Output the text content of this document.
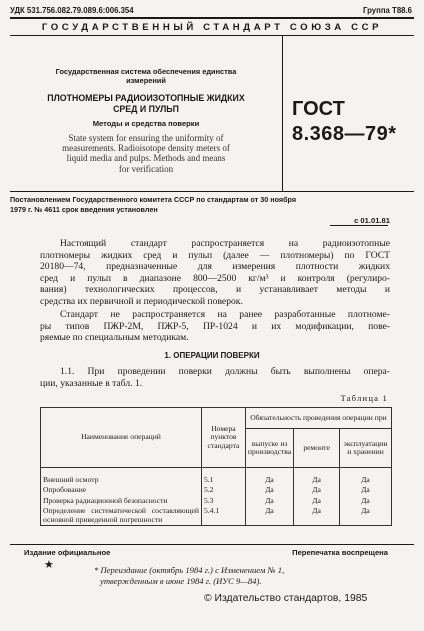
УДК 531.756.082.79.089.6:006.354	Группа Т88.6
ГОСУДАРСТВЕННЫЙ СТАНДАРТ СОЮЗА ССР
Государственная система обеспечения единства
измерений
ПЛОТНОМЕРЫ РАДИОИЗОТОПНЫЕ ЖИДКИХ
СРЕД И ПУЛЬП
Методы и средства поверки
State system for ensuring the uniformity of
measurements. Radioisotope density meters of
liquid media and pulps. Methods and means
for verification
ГОСТ
8.368—79*
Постановлением Государственного комитета СССР по стандартам от 30 ноября
1979 г. № 4611 срок введения установлен
с 01.01.81
Настоящий стандарт распространяется на радиоизотопные
плотномеры жидких сред и пульп (далее — плотномеры) по ГОСТ
20180—74, предназначенные для измерения плотности жидких
сред и пульп в диапазоне 800—2500 кг/м³ и контроля (регулиро-
вания) технологических процессов, и устанавливает методы и
средства их первичной и периодической поверок.
Стандарт не распространяется на ранее разработанные плотноме-
ры типов ПЖР-2М, ПЖР-5, ПР-1024 и их модификации, пове-
ряемые по специальным методикам.
1. ОПЕРАЦИИ ПОВЕРКИ
1.1. При проведении поверки должны быть выполнены опера-
ции, указанные в табл. 1.
Таблица 1
Наименование операций	Номера пунктов стандарта	Обязательность проведения операции при		
		выпуске из производства	ремонте	эксплуатации и хранении
Внешний осмотр	5.1	Да	Да	Да
Опробование	5.2	Да	Да	Да
Проверка радиационной безопасности	5.3	Да	Да	Да
Определение систематической составляющей основной приведенной погрешности	5.4.1	Да	Да	Да
Издание официальное	Перепечатка воспрещена
★	* Переиздание (октябрь 1984 г.) с Изменением № 1,
утвержденным в июне 1984 г. (ИУС 9—84).
© Издательство стандартов, 1985
